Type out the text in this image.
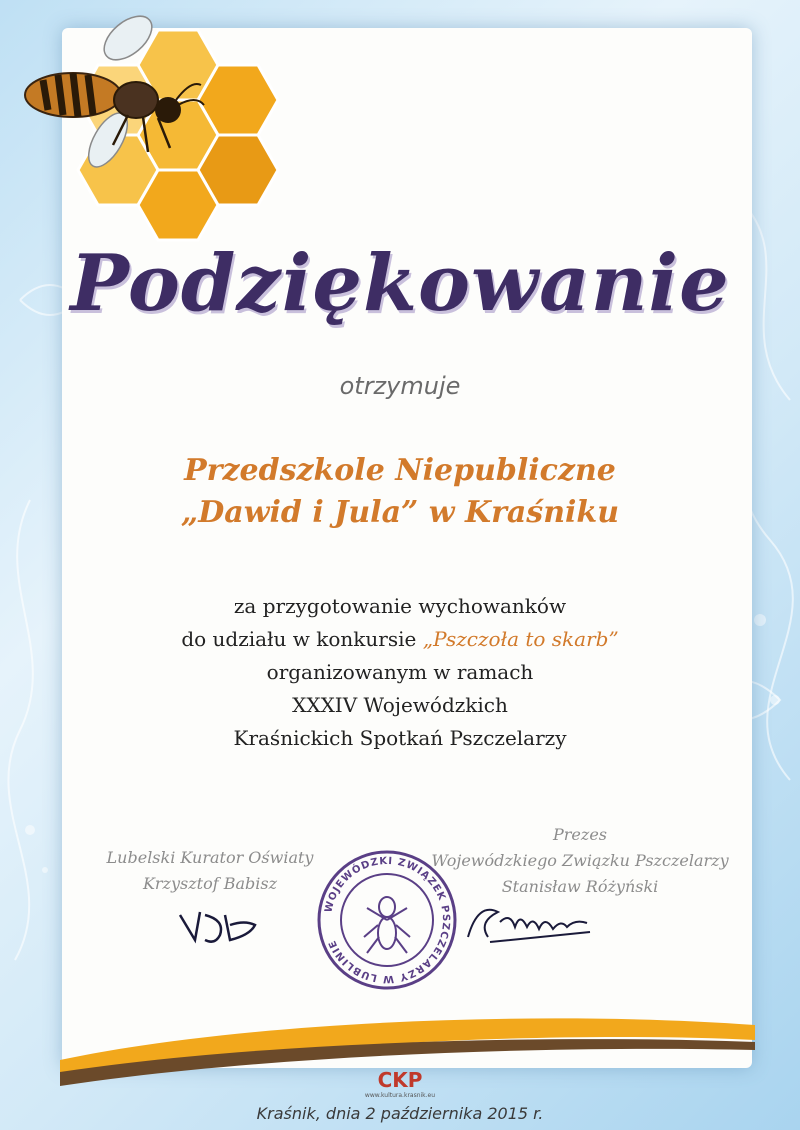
Podziękowanie
otrzymuje
Przedszkole Niepubliczne
„Dawid i Jula” w Kraśniku
za przygotowanie wychowanków
do udziału w konkursie „Pszczoła to skarb”
organizowanym w ramach
XXXIV Wojewódzkich
Kraśnickich Spotkań Pszczelarzy
Lubelski Kurator Oświaty
Krzysztof Babisz
Prezes
Wojewódzkiego Związku Pszczelarzy
Stanisław Różyński
WOJEWÓDZKI ZWIĄZEK PSZCZELARZY W LUBLINIE
CKP
www.kultura.krasnik.eu
Kraśnik, dnia 2 października 2015 r.
